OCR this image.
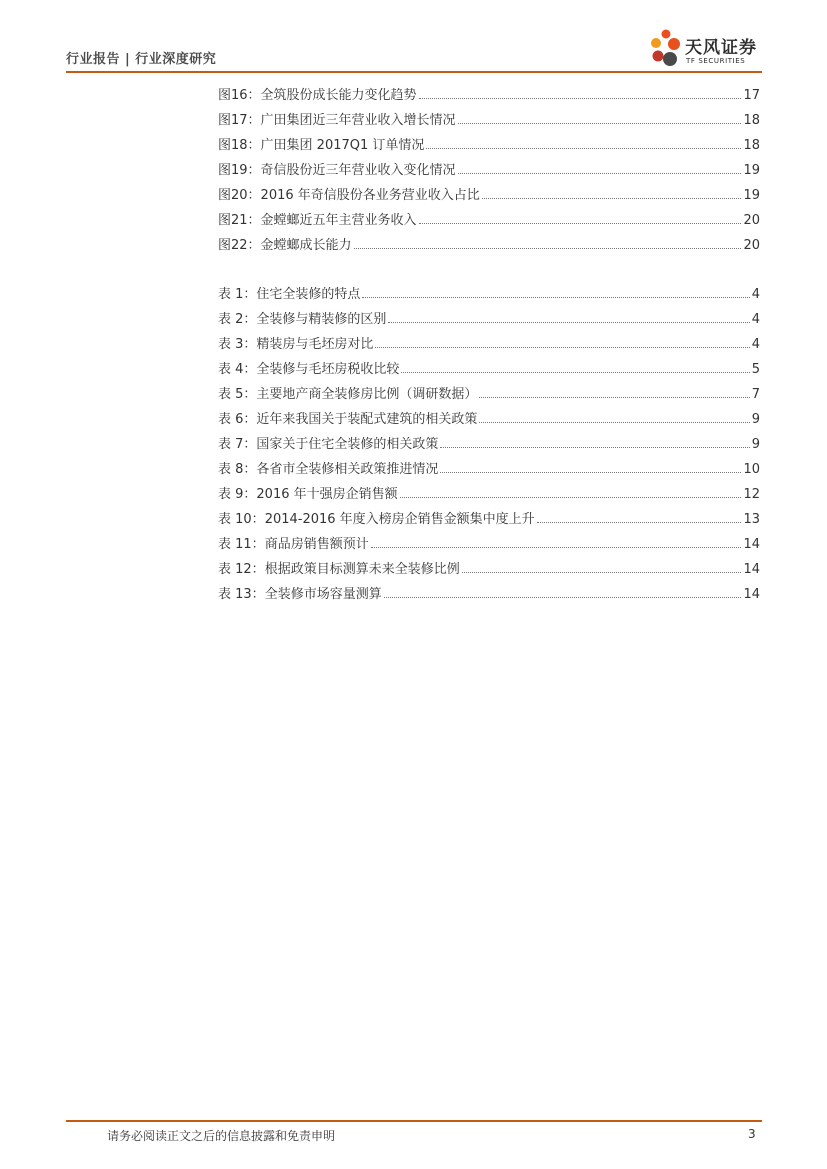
行业报告 | 行业深度研究
天风证券
TF SECURITIES
图16： 全筑股份成长能力变化趋势	17
图17： 广田集团近三年营业收入增长情况	18
图18： 广田集团 2017Q1 订单情况	18
图19： 奇信股份近三年营业收入变化情况	19
图20： 2016 年奇信股份各业务营业收入占比	19
图21： 金螳螂近五年主营业务收入	20
图22： 金螳螂成长能力	20
表 1： 住宅全装修的特点	4
表 2： 全装修与精装修的区别	4
表 3： 精装房与毛坯房对比	4
表 4： 全装修与毛坯房税收比较	5
表 5： 主要地产商全装修房比例（调研数据）	7
表 6： 近年来我国关于装配式建筑的相关政策	9
表 7： 国家关于住宅全装修的相关政策	9
表 8： 各省市全装修相关政策推进情况	10
表 9： 2016 年十强房企销售额	12
表 10： 2014-2016 年度入榜房企销售金额集中度上升	13
表 11： 商品房销售额预计	14
表 12： 根据政策目标测算未来全装修比例	14
表 13： 全装修市场容量测算	14
请务必阅读正文之后的信息披露和免责申明	3
